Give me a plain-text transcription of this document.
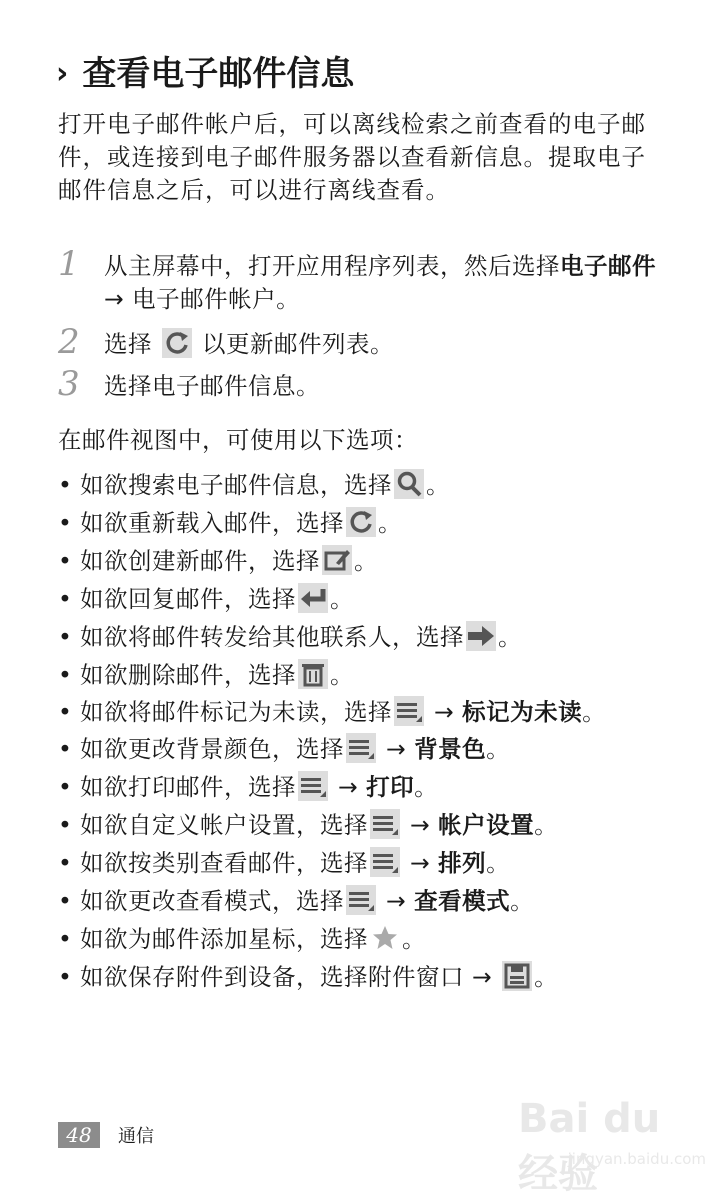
› 查看电子邮件信息

打开电子邮件帐户后，可以离线检索之前查看的电子邮件，或连接到电子邮件服务器以查看新信息。提取电子邮件信息之后，可以进行离线查看。

1 从主屏幕中，打开应用程序列表，然后选择电子邮件 → 电子邮件帐户。
2 选择 以更新邮件列表。
3 选择电子邮件信息。
在邮件视图中，可使用以下选项：
• 如欲搜索电子邮件信息，选择 。
• 如欲重新载入邮件，选择 。
• 如欲创建新邮件，选择 。
• 如欲回复邮件，选择 。
• 如欲将邮件转发给其他联系人，选择 。
• 如欲删除邮件，选择 。
• 如欲将邮件标记为未读，选择 → 标记为未读。
• 如欲更改背景颜色，选择 → 背景色。
• 如欲打印邮件，选择 → 打印。
• 如欲自定义帐户设置，选择 → 帐户设置。
• 如欲按类别查看邮件，选择 → 排列。
• 如欲更改查看模式，选择 → 查看模式。
• 如欲为邮件添加星标，选择 。
• 如欲保存附件到设备，选择附件窗口 → 。
48	通信	Bai du 经验
jingyan.baidu.com
